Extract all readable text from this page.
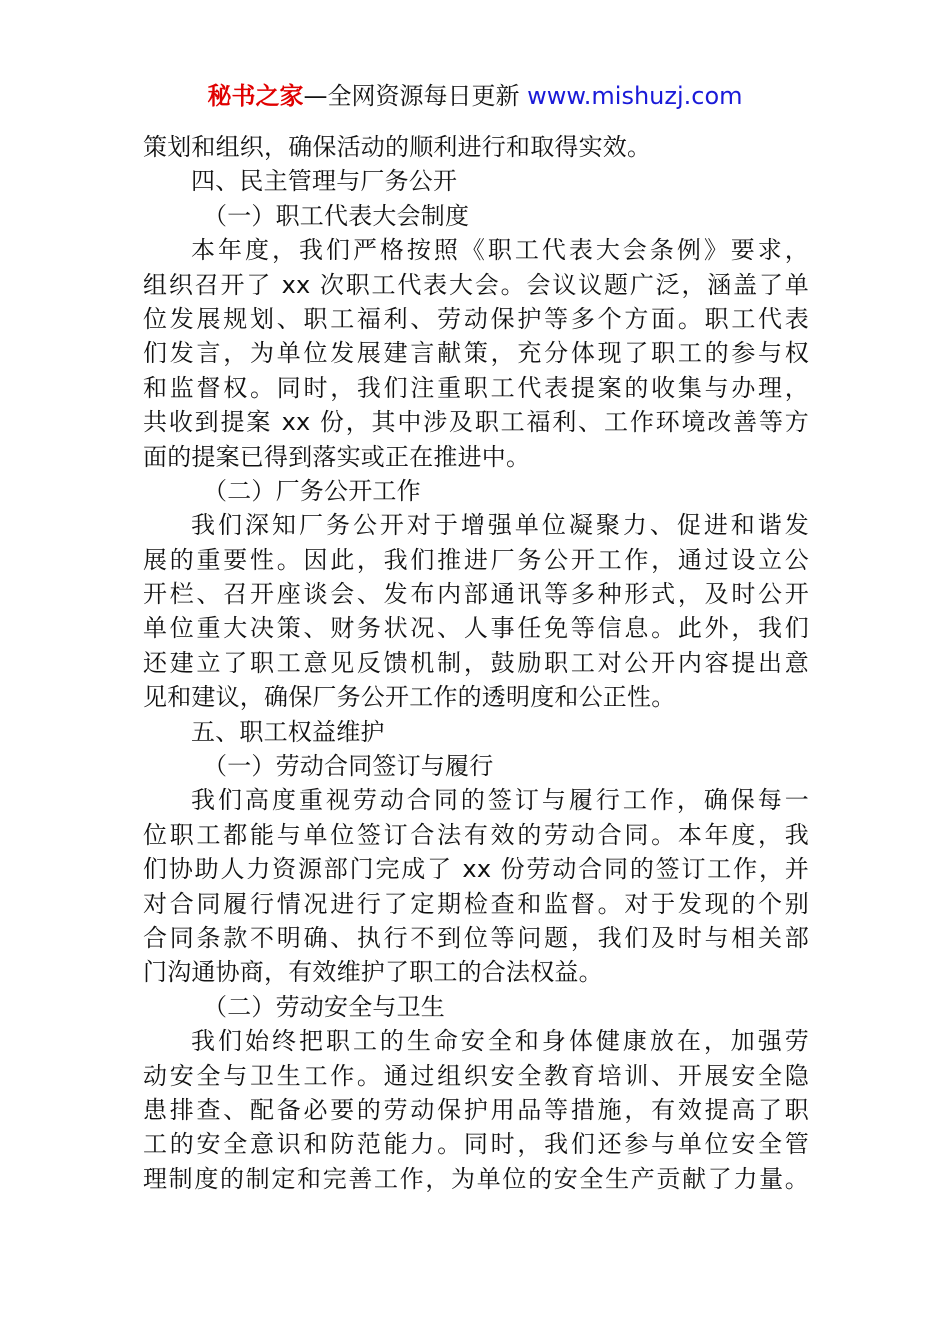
秘书之家—全网资源每日更新 www.mishuzj.com
策划和组织，确保活动的顺利进行和取得实效。
四、民主管理与厂务公开
（一）职工代表大会制度
本年度，我们严格按照《职工代表大会条例》要求，
组织召开了 xx 次职工代表大会。会议议题广泛，涵盖了单
位发展规划、职工福利、劳动保护等多个方面。职工代表
们发言，为单位发展建言献策，充分体现了职工的参与权
和监督权。同时，我们注重职工代表提案的收集与办理，
共收到提案 xx 份，其中涉及职工福利、工作环境改善等方
面的提案已得到落实或正在推进中。
（二）厂务公开工作
我们深知厂务公开对于增强单位凝聚力、促进和谐发
展的重要性。因此，我们推进厂务公开工作，通过设立公
开栏、召开座谈会、发布内部通讯等多种形式，及时公开
单位重大决策、财务状况、人事任免等信息。此外，我们
还建立了职工意见反馈机制，鼓励职工对公开内容提出意
见和建议，确保厂务公开工作的透明度和公正性。
五、职工权益维护
（一）劳动合同签订与履行
我们高度重视劳动合同的签订与履行工作，确保每一
位职工都能与单位签订合法有效的劳动合同。本年度，我
们协助人力资源部门完成了 xx 份劳动合同的签订工作，并
对合同履行情况进行了定期检查和监督。对于发现的个别
合同条款不明确、执行不到位等问题，我们及时与相关部
门沟通协商，有效维护了职工的合法权益。
（二）劳动安全与卫生
我们始终把职工的生命安全和身体健康放在，加强劳
动安全与卫生工作。通过组织安全教育培训、开展安全隐
患排查、配备必要的劳动保护用品等措施，有效提高了职
工的安全意识和防范能力。同时，我们还参与单位安全管
理制度的制定和完善工作，为单位的安全生产贡献了力量。
